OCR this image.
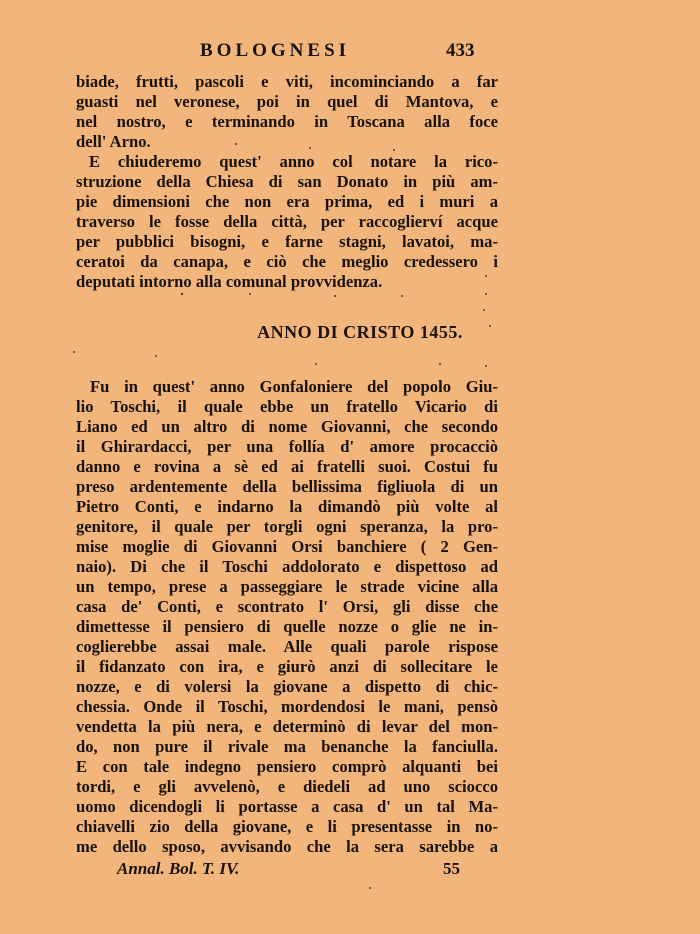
BOLOGNESI	433
biade, frutti, pascoli e viti, incominciando a far
guasti nel veronese, poi in quel di Mantova, e
nel nostro, e terminando in Toscana alla foce
dell' Arno.
E chiuderemo quest' anno col notare la rico-
struzione della Chiesa di san Donato in più am-
pie dimensioni che non era prima, ed i muri a
traverso le fosse della città, per raccoglierví acque
per pubblici bisogni, e farne stagni, lavatoi, ma-
ceratoi da canapa, e ciò che meglio credessero i
deputati intorno alla comunal provvidenza.
ANNO DI CRISTO 1455.
Fu in quest' anno Gonfaloniere del popolo Giu-
lio Toschi, il quale ebbe un fratello Vicario di
Liano ed un altro di nome Giovanni, che secondo
il Ghirardacci, per una follía d' amore procacciò
danno e rovina a sè ed ai fratelli suoi. Costui fu
preso ardentemente della bellissima figliuola di un
Pietro Conti, e indarno la dimandò più volte al
genitore, il quale per torgli ogni speranza, la pro-
mise moglie di Giovanni Orsi banchiere ( 2 Gen-
naio). Di che il Toschi addolorato e dispettoso ad
un tempo, prese a passeggiare le strade vicine alla
casa de' Conti, e scontrato l' Orsi, gli disse che
dimettesse il pensiero di quelle nozze o glie ne in-
coglierebbe assai male. Alle quali parole rispose
il fidanzato con ira, e giurò anzi di sollecitare le
nozze, e di volersi la giovane a dispetto di chic-
chessia. Onde il Toschi, mordendosi le mani, pensò
vendetta la più nera, e determinò di levar del mon-
do, non pure il rivale ma benanche la fanciulla.
E con tale indegno pensiero comprò alquanti bei
tordi, e gli avvelenò, e diedeli ad uno sciocco
uomo dicendogli li portasse a casa d' un tal Ma-
chiavelli zio della giovane, e li presentasse in no-
me dello sposo, avvisando che la sera sarebbe a
Annal. Bol. T. IV.	55
